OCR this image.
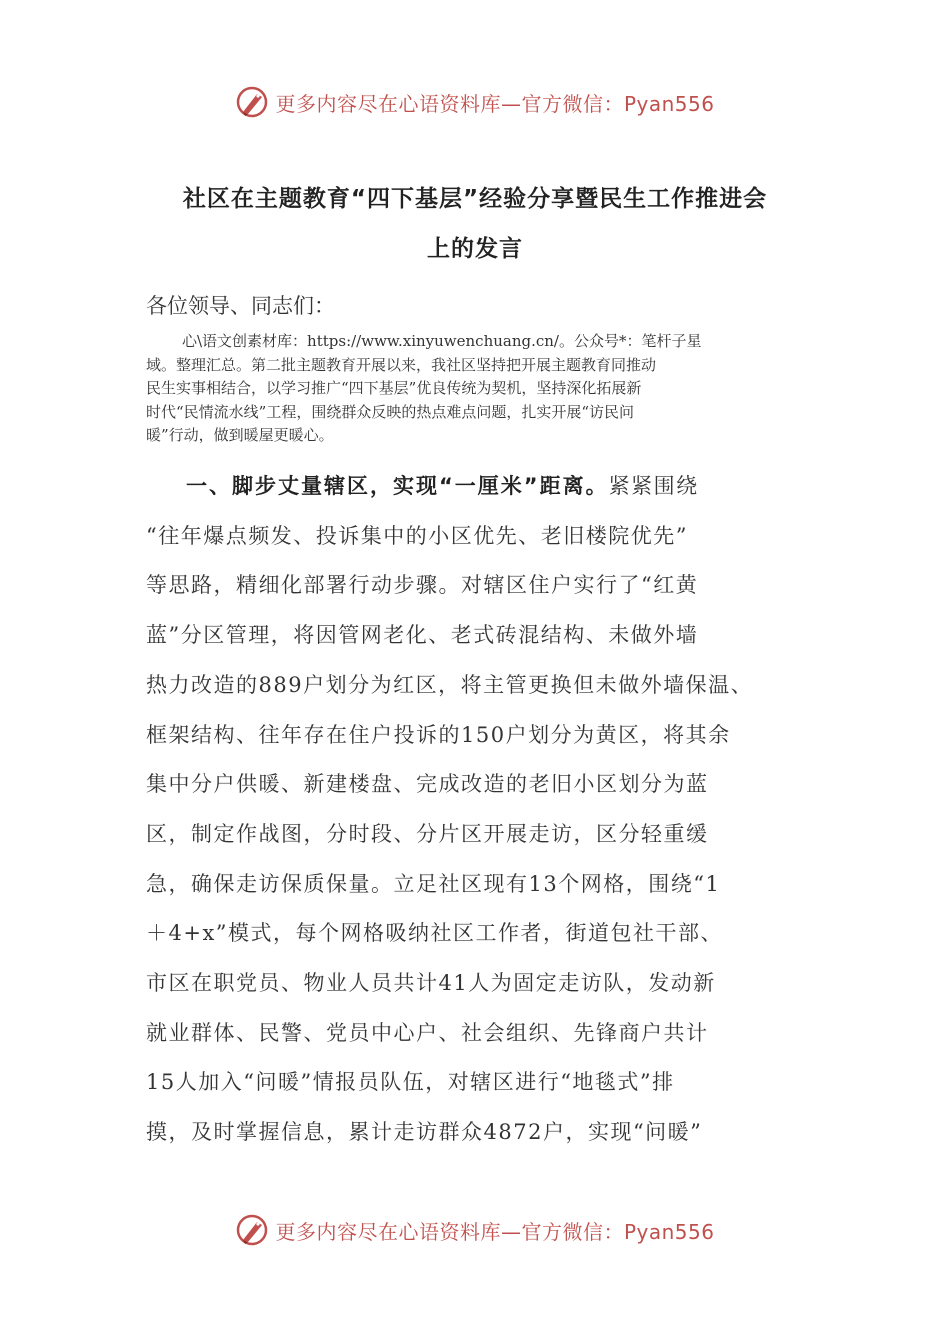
更多内容尽在心语资料库—官方微信：Pyan556
社区在主题教育“四下基层”经验分享暨民生工作推进会
上的发言
各位领导、同志们：
心\语文创素材库：https://www.xinyuwenchuang.cn/。公众号*：笔杆子星
域。整理汇总。第二批主题教育开展以来，我社区坚持把开展主题教育同推动
民生实事相结合，以学习推广“四下基层”优良传统为契机，坚持深化拓展新
时代“民情流水线”工程，围绕群众反映的热点难点问题，扎实开展“访民问
暖”行动，做到暖屋更暖心。
一、脚步丈量辖区，实现“一厘米”距离。紧紧围绕
“往年爆点频发、投诉集中的小区优先、老旧楼院优先”
等思路，精细化部署行动步骤。对辖区住户实行了“红黄
蓝”分区管理，将因管网老化、老式砖混结构、未做外墙
热力改造的889户划分为红区，将主管更换但未做外墙保温、
框架结构、往年存在住户投诉的150户划分为黄区，将其余
集中分户供暖、新建楼盘、完成改造的老旧小区划分为蓝
区，制定作战图，分时段、分片区开展走访，区分轻重缓
急，确保走访保质保量。立足社区现有13个网格，围绕“1
＋4+x”模式，每个网格吸纳社区工作者，街道包社干部、
市区在职党员、物业人员共计41人为固定走访队，发动新
就业群体、民警、党员中心户、社会组织、先锋商户共计
15人加入“问暖”情报员队伍，对辖区进行“地毯式”排
摸，及时掌握信息，累计走访群众4872户，实现“问暖”
更多内容尽在心语资料库—官方微信：Pyan556
